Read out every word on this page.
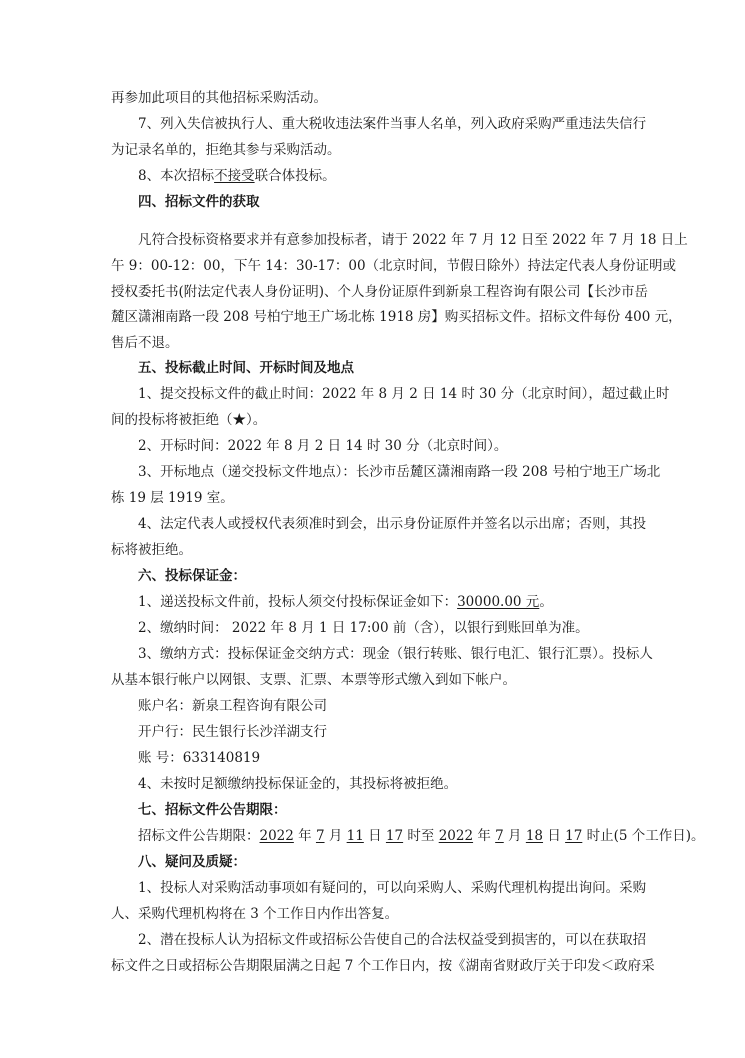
再参加此项目的其他招标采购活动。
7、列入失信被执行人、重大税收违法案件当事人名单，列入政府采购严重违法失信行
为记录名单的，拒绝其参与采购活动。
8、本次招标不接受联合体投标。
四、招标文件的获取
凡符合投标资格要求并有意参加投标者，请于 2022 年 7 月 12 日至 2022 年 7 月 18 日上
午 9：00-12：00，下午 14：30-17：00（北京时间，节假日除外）持法定代表人身份证明或
授权委托书(附法定代表人身份证明)、个人身份证原件到新泉工程咨询有限公司【长沙市岳
麓区潇湘南路一段 208 号柏宁地王广场北栋 1918 房】购买招标文件。招标文件每份 400 元，
售后不退。
五、投标截止时间、开标时间及地点
1、提交投标文件的截止时间：2022 年 8 月 2 日 14 时 30 分（北京时间），超过截止时
间的投标将被拒绝（★）。
2、开标时间：2022 年 8 月 2 日 14 时 30 分（北京时间）。
3、开标地点（递交投标文件地点）：长沙市岳麓区潇湘南路一段 208 号柏宁地王广场北
栋 19 层 1919 室。
4、法定代表人或授权代表须准时到会，出示身份证原件并签名以示出席；否则，其投
标将被拒绝。
六、投标保证金：
1、递送投标文件前，投标人须交付投标保证金如下：30000.00 元。
2、缴纳时间： 2022 年 8 月 1 日 17:00 前（含），以银行到账回单为准。
3、缴纳方式：投标保证金交纳方式：现金（银行转账、银行电汇、银行汇票）。投标人
从基本银行帐户以网银、支票、汇票、本票等形式缴入到如下帐户。
账户名：新泉工程咨询有限公司
开户行：民生银行长沙洋湖支行
账 号：633140819
4、未按时足额缴纳投标保证金的，其投标将被拒绝。
七、招标文件公告期限：
招标文件公告期限：2022 年 7 月 11 日 17 时至 2022 年 7 月 18 日 17 时止(5 个工作日)。
八、疑问及质疑：
1、投标人对采购活动事项如有疑问的，可以向采购人、采购代理机构提出询问。采购
人、采购代理机构将在 3 个工作日内作出答复。
2、潜在投标人认为招标文件或招标公告使自己的合法权益受到损害的，可以在获取招
标文件之日或招标公告期限届满之日起 7 个工作日内，按《湖南省财政厅关于印发＜政府采
